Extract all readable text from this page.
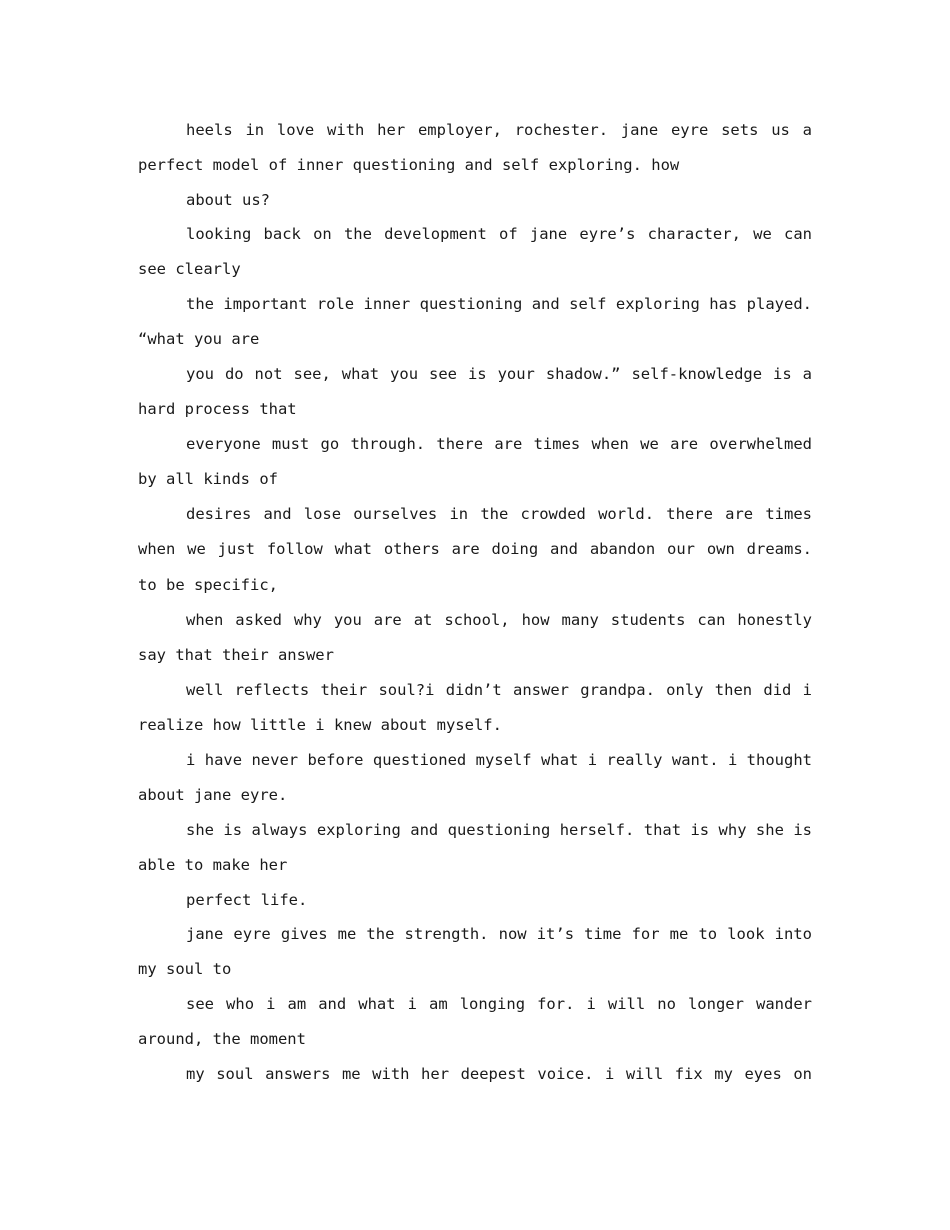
heels in love with her employer, rochester. jane eyre sets us a
perfect model of inner questioning and self exploring. how
about us?
looking back on the development of jane eyre’s character, we can
see clearly
the important role inner questioning and self exploring has played.
“what you are
you do not see, what you see is your shadow.” self-knowledge is a
hard process that
everyone must go through. there are times when we are overwhelmed
by all kinds of
desires and lose ourselves in the crowded world. there are times
when we just follow what others are doing and abandon our own dreams.
to be specific,
when asked why you are at school, how many students can honestly
say that their answer
well reflects their soul?i didn’t answer grandpa. only then did i
realize how little i knew about myself.
i have never before questioned myself what i really want. i thought
about jane eyre.
she is always exploring and questioning herself. that is why she is
able to make her
perfect life.
jane eyre gives me the strength. now it’s time for me to look into
my soul to
see who i am and what i am longing for. i will no longer wander
around, the moment
my soul answers me with her deepest voice. i will fix my eyes on
